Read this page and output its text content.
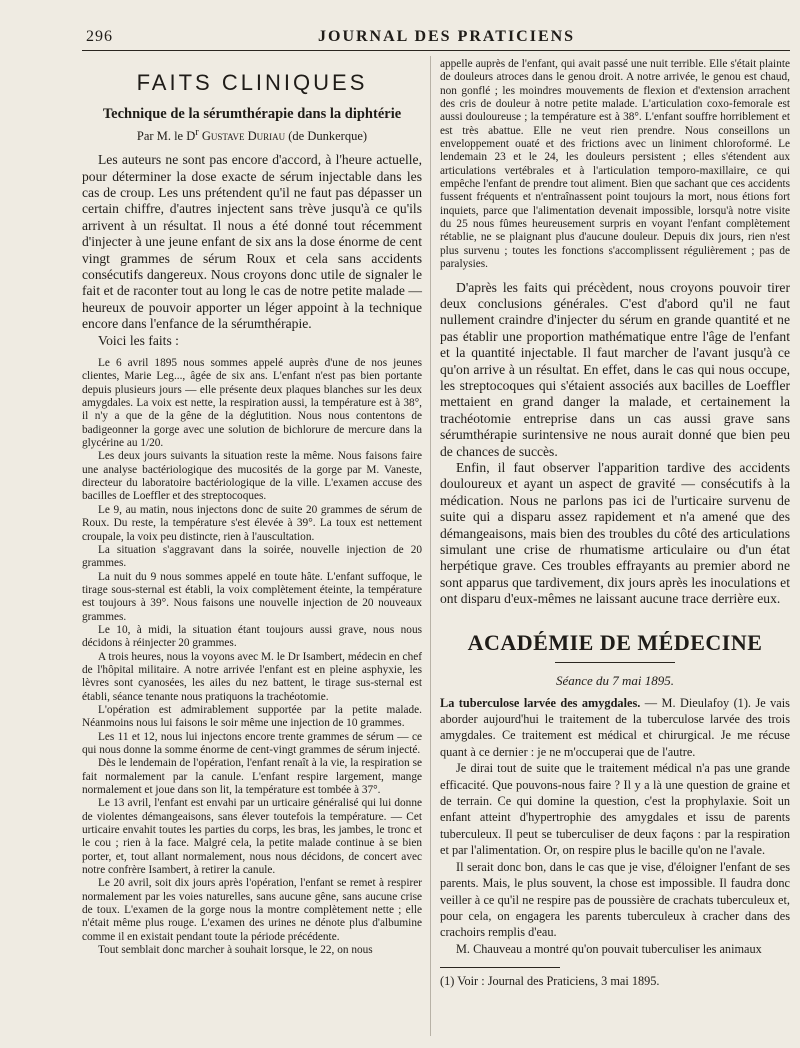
296	JOURNAL DES PRATICIENS
FAITS CLINIQUES
Technique de la sérumthérapie dans la diphtérie
Par M. le $D^r$ Gustave Duriau (de Dunkerque)

Les auteurs ne sont pas encore d'accord, à l'heure actuelle, pour déterminer la dose exacte de sérum injectable dans les cas de croup. Les uns prétendent qu'il ne faut pas dépasser un certain chiffre, d'autres injectent sans trève jusqu'à ce qu'ils arrivent à un résultat. Il nous a été donné tout récemment d'injecter à une jeune enfant de six ans la dose énorme de cent vingt grammes de sérum Roux et cela sans accidents consécutifs dangereux. Nous croyons donc utile de signaler le fait et de raconter tout au long le cas de notre petite malade — heureux de pouvoir apporter un léger appoint à la technique encore dans l'enfance de la sérumthérapie.

Voici les faits :

Le 6 avril 1895 nous sommes appelé auprès d'une de nos jeunes clientes, Marie Leg..., âgée de six ans. L'enfant n'est pas bien portante depuis plusieurs jours — elle présente deux plaques blanches sur les deux amygdales. La voix est nette, la respiration aussi, la température est à 38°, il n'y a que de la gêne de la déglutition. Nous nous contentons de badigeonner la gorge avec une solution de bichlorure de mercure dans la glycérine au 1/20.

Les deux jours suivants la situation reste la même. Nous faisons faire une analyse bactériologique des mucosités de la gorge par M. Vaneste, directeur du laboratoire bactériologique de la ville. L'examen accuse des bacilles de Loeffler et des streptocoques.

Le 9, au matin, nous injectons donc de suite 20 grammes de sérum de Roux. Du reste, la température s'est élevée à 39°. La toux est nettement croupale, la voix peu distincte, rien à l'auscultation.

La situation s'aggravant dans la soirée, nouvelle injection de 20 grammes.

La nuit du 9 nous sommes appelé en toute hâte. L'enfant suffoque, le tirage sous-sternal est établi, la voix complètement éteinte, la température est toujours à 39°. Nous faisons une nouvelle injection de 20 nouveaux grammes.

Le 10, à midi, la situation étant toujours aussi grave, nous nous décidons à réinjecter 20 grammes.

A trois heures, nous la voyons avec M. le Dr Isambert, médecin en chef de l'hôpital militaire. A notre arrivée l'enfant est en pleine asphyxie, les lèvres sont cyanosées, les ailes du nez battent, le tirage sus-sternal est établi, séance tenante nous pratiquons la trachéotomie.

L'opération est admirablement supportée par la petite malade. Néanmoins nous lui faisons le soir même une injection de 10 grammes.

Les 11 et 12, nous lui injectons encore trente grammes de sérum — ce qui nous donne la somme énorme de cent-vingt grammes de sérum injecté.

Dès le lendemain de l'opération, l'enfant renaît à la vie, la respiration se fait normalement par la canule. L'enfant respire largement, mange normalement et joue dans son lit, la température est tombée à 37°.

Le 13 avril, l'enfant est envahi par un urticaire généralisé qui lui donne de violentes démangeaisons, sans élever toutefois la température. — Cet urticaire envahit toutes les parties du corps, les bras, les jambes, le tronc et le cou ; rien à la face. Malgré cela, la petite malade continue à se bien porter, et, tout allant normalement, nous nous décidons, de concert avec notre confrère Isambert, à retirer la canule.

Le 20 avril, soit dix jours après l'opération, l'enfant se remet à respirer normalement par les voies naturelles, sans aucune gêne, sans aucune crise de toux. L'examen de la gorge nous la montre complètement nette ; elle n'était même plus rouge. L'examen des urines ne dénote plus d'albumine comme il en existait pendant toute la période précédente.

Tout semblait donc marcher à souhait lorsque, le 22, on nous

appelle auprès de l'enfant, qui avait passé une nuit terrible. Elle s'était plainte de douleurs atroces dans le genou droit. A notre arrivée, le genou est chaud, non gonflé ; les moindres mouvements de flexion et d'extension arrachent des cris de douleur à notre petite malade. L'articulation coxo-femorale est aussi douloureuse ; la température est à 38°. L'enfant souffre horriblement et est très abattue. Elle ne veut rien prendre. Nous conseillons un enveloppement ouaté et des frictions avec un liniment chloroformé. Le lendemain 23 et le 24, les douleurs persistent ; elles s'étendent aux articulations vertébrales et à l'articulation temporo-maxillaire, ce qui empêche l'enfant de prendre tout aliment. Bien que sachant que ces accidents fussent fréquents et n'entraînassent point toujours la mort, nous étions fort inquiets, parce que l'alimentation devenait impossible, lorsqu'à notre visite du 25 nous fûmes heureusement surpris en voyant l'enfant complètement rétablie, ne se plaignant plus d'aucune douleur. Depuis dix jours, rien n'est plus survenu ; toutes les fonctions s'accomplissent régulièrement ; pas de paralysies.

D'après les faits qui précèdent, nous croyons pouvoir tirer deux conclusions générales. C'est d'abord qu'il ne faut nullement craindre d'injecter du sérum en grande quantité et ne pas établir une proportion mathématique entre l'âge de l'enfant et la quantité injectable. Il faut marcher de l'avant jusqu'à ce qu'on arrive à un résultat. En effet, dans le cas qui nous occupe, les streptocoques qui s'étaient associés aux bacilles de Loeffler mettaient en grand danger la malade, et certainement la trachéotomie entreprise dans un cas aussi grave sans sérumthérapie surintensive ne nous aurait donné que bien peu de chances de succès.

Enfin, il faut observer l'apparition tardive des accidents douloureux et ayant un aspect de gravité — consécutifs à la médication. Nous ne parlons pas ici de l'urticaire survenu de suite qui a disparu assez rapidement et n'a amené que des démangeaisons, mais bien des troubles du côté des articulations simulant une crise de rhumatisme articulaire ou d'un état herpétique grave. Ces troubles effrayants au premier abord ne sont apparus que tardivement, dix jours après les inoculations et ont disparu d'eux-mêmes ne laissant aucune trace derrière eux.

ACADÉMIE DE MÉDECINE
Séance du 7 mai 1895.

La tuberculose larvée des amygdales. — M. Dieulafoy (1). Je vais aborder aujourd'hui le traitement de la tuberculose larvée des trois amygdales. Ce traitement est médical et chirurgical. Je me récuse quant à ce dernier : je ne m'occuperai que de l'autre.

Je dirai tout de suite que le traitement médical n'a pas une grande efficacité. Que pouvons-nous faire ? Il y a là une question de graine et de terrain. Ce qui domine la question, c'est la prophylaxie. Soit un enfant atteint d'hypertrophie des amygdales et issu de parents tuberculeux. Il peut se tuberculiser de deux façons : par la respiration et par l'alimentation. Or, on respire plus le bacille qu'on ne l'avale.

Il serait donc bon, dans le cas que je vise, d'éloigner l'enfant de ses parents. Mais, le plus souvent, la chose est impossible. Il faudra donc veiller à ce qu'il ne respire pas de poussière de crachats tuberculeux et, pour cela, on engagera les parents tuberculeux à cracher dans des crachoirs remplis d'eau.

M. Chauveau a montré qu'on pouvait tuberculiser les animaux

(1) Voir : Journal des Praticiens, 3 mai 1895.
